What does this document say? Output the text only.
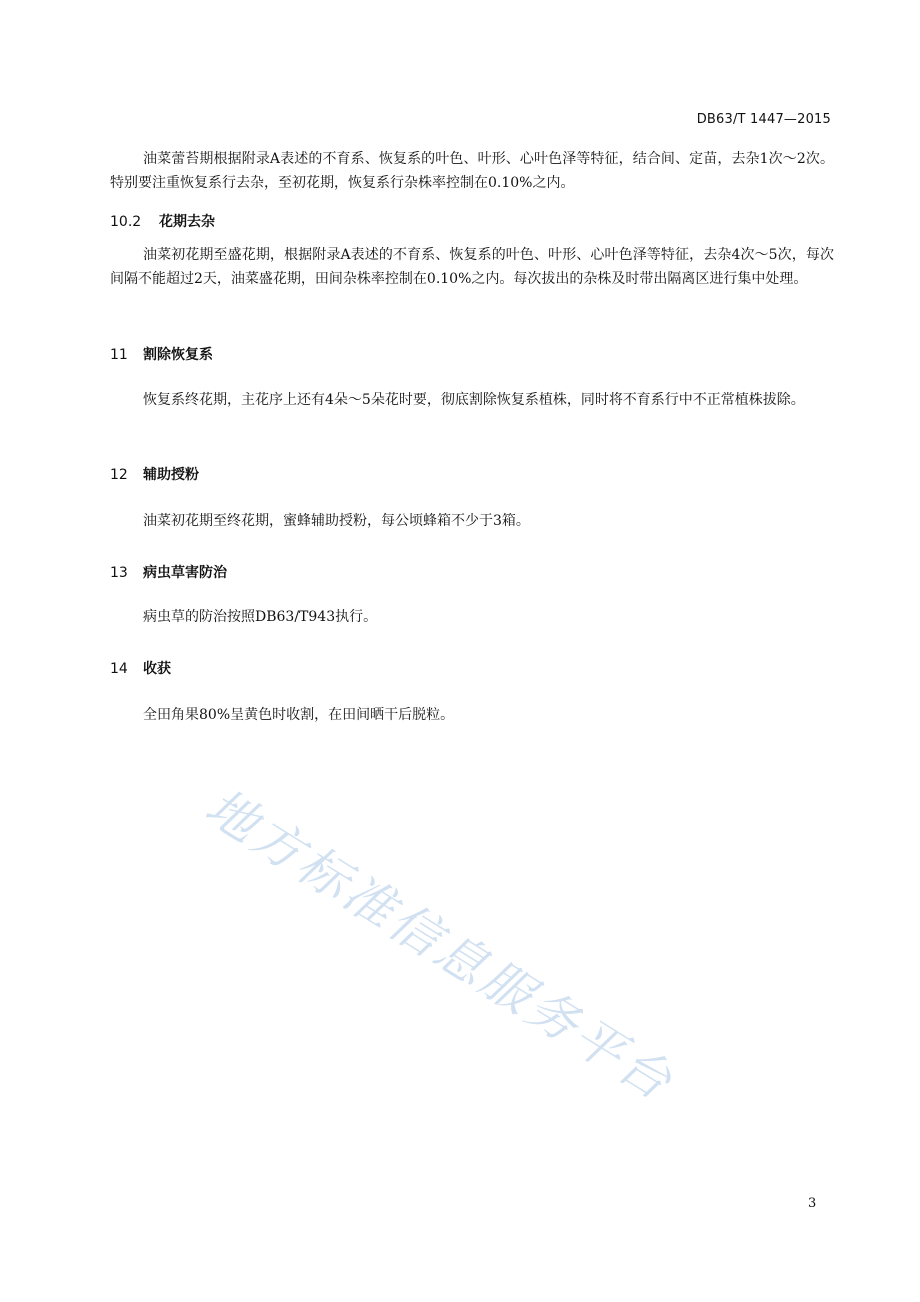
DB63/T 1447—2015

油菜蕾苔期根据附录A表述的不育系、恢复系的叶色、叶形、心叶色泽等特征，结合间、定苗，去杂1次～2次。特别要注重恢复系行去杂，至初花期，恢复系行杂株率控制在0.10%之内。

10.2 花期去杂

油菜初花期至盛花期，根据附录A表述的不育系、恢复系的叶色、叶形、心叶色泽等特征，去杂4次～5次，每次间隔不能超过2天，油菜盛花期，田间杂株率控制在0.10%之内。每次拔出的杂株及时带出隔离区进行集中处理。

11 割除恢复系

恢复系终花期，主花序上还有4朵～5朵花时要，彻底割除恢复系植株，同时将不育系行中不正常植株拔除。

12 辅助授粉

油菜初花期至终花期，蜜蜂辅助授粉，每公顷蜂箱不少于3箱。

13 病虫草害防治

病虫草的防治按照DB63/T943执行。

14 收获

全田角果80%呈黄色时收割，在田间晒干后脱粒。

地方标准信息服务平台
3
